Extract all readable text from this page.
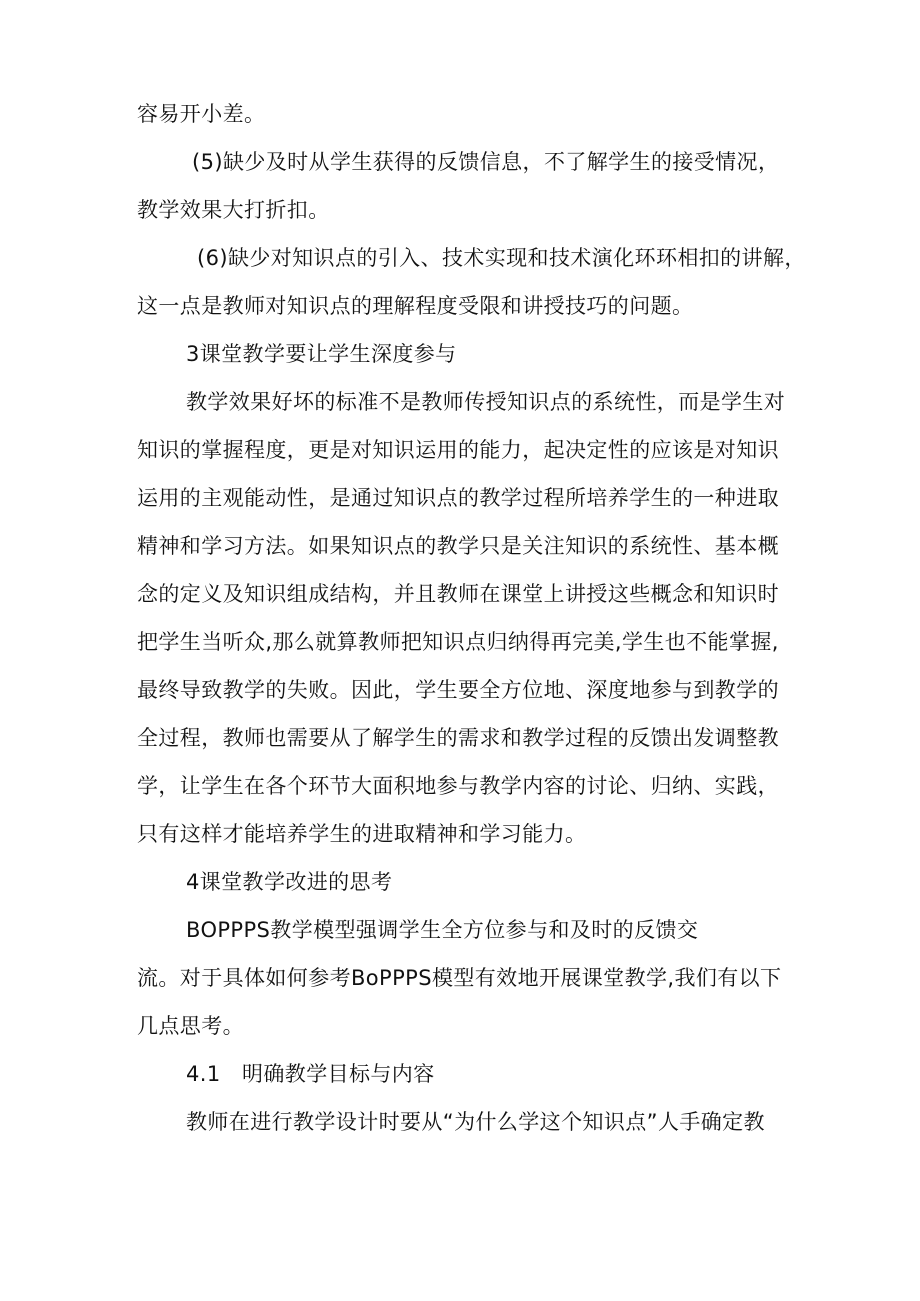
容易开小差。
(5)缺少及时从学生获得的反馈信息，不了解学生的接受情况，
教学效果大打折扣。
(6)缺少对知识点的引入、技术实现和技术演化环环相扣的讲解，
这一点是教师对知识点的理解程度受限和讲授技巧的问题。
3课堂教学要让学生深度参与
教学效果好坏的标准不是教师传授知识点的系统性，而是学生对
知识的掌握程度，更是对知识运用的能力，起决定性的应该是对知识
运用的主观能动性，是通过知识点的教学过程所培养学生的一种进取
精神和学习方法。如果知识点的教学只是关注知识的系统性、基本概
念的定义及知识组成结构，并且教师在课堂上讲授这些概念和知识时
把学生当听众,那么就算教师把知识点归纳得再完美,学生也不能掌握,
最终导致教学的失败。因此，学生要全方位地、深度地参与到教学的
全过程，教师也需要从了解学生的需求和教学过程的反馈出发调整教
学，让学生在各个环节大面积地参与教学内容的讨论、归纳、实践，
只有这样才能培养学生的进取精神和学习能力。
4课堂教学改进的思考
BOPPPS教学模型强调学生全方位参与和及时的反馈交
流。对于具体如何参考BoPPPS模型有效地开展课堂教学,我们有以下
几点思考。
4.1　明确教学目标与内容
教师在进行教学设计时要从“为什么学这个知识点”人手确定教
